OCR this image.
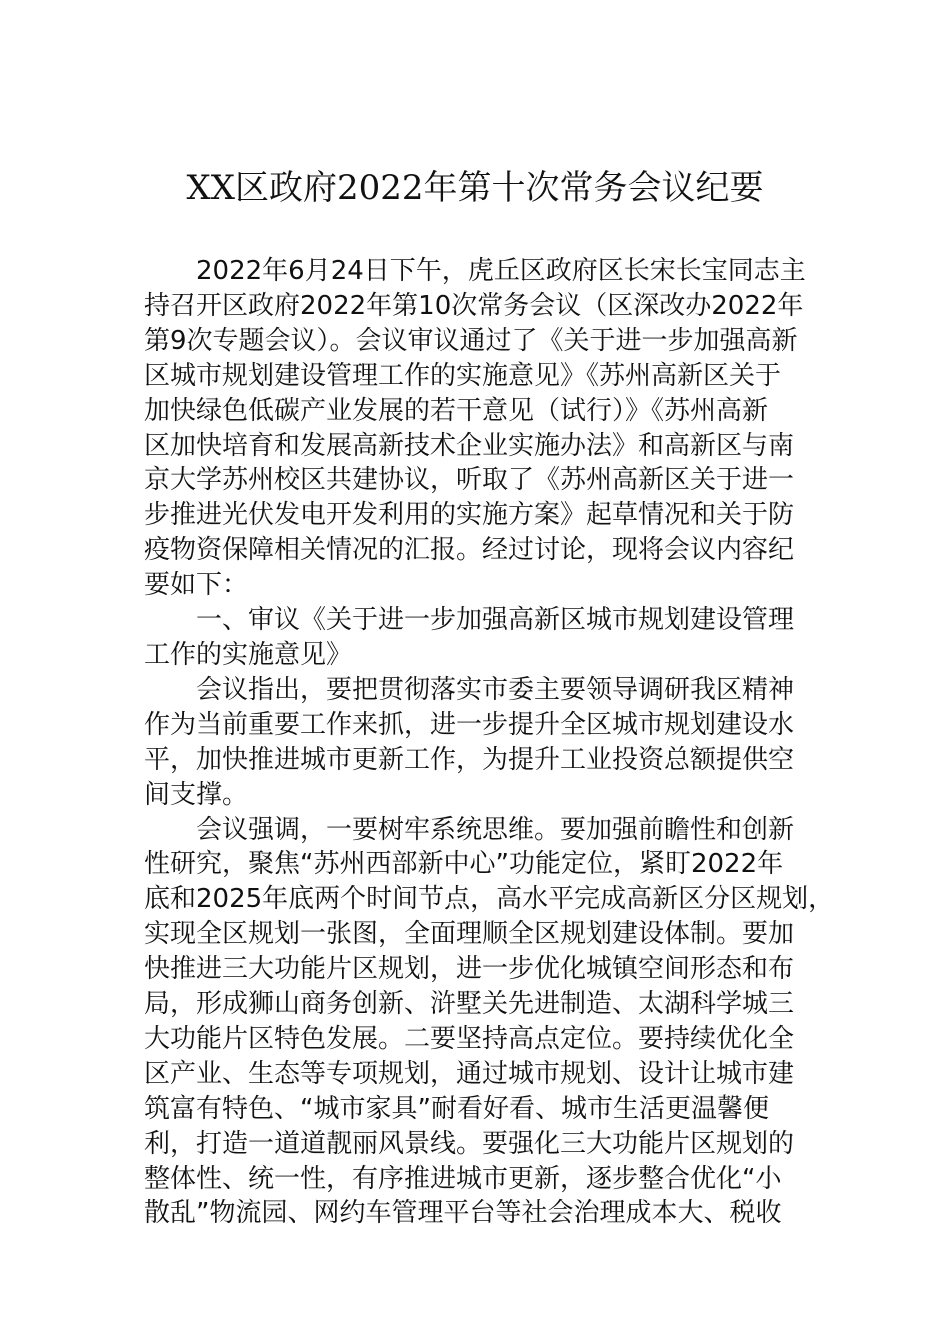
XX区政府2022年第十次常务会议纪要

2022年6月24日下午，虎丘区政府区长宋长宝同志主
持召开区政府2022年第10次常务会议（区深改办2022年
第9次专题会议）。会议审议通过了《关于进一步加强高新
区城市规划建设管理工作的实施意见》《苏州高新区关于
加快绿色低碳产业发展的若干意见（试行）》《苏州高新
区加快培育和发展高新技术企业实施办法》和高新区与南
京大学苏州校区共建协议，听取了《苏州高新区关于进一
步推进光伏发电开发利用的实施方案》起草情况和关于防
疫物资保障相关情况的汇报。经过讨论，现将会议内容纪
要如下：

一、审议《关于进一步加强高新区城市规划建设管理
工作的实施意见》

会议指出，要把贯彻落实市委主要领导调研我区精神
作为当前重要工作来抓，进一步提升全区城市规划建设水
平，加快推进城市更新工作，为提升工业投资总额提供空
间支撑。

会议强调，一要树牢系统思维。要加强前瞻性和创新
性研究，聚焦“苏州西部新中心”功能定位，紧盯2022年
底和2025年底两个时间节点，高水平完成高新区分区规划，
实现全区规划一张图，全面理顺全区规划建设体制。要加
快推进三大功能片区规划，进一步优化城镇空间形态和布
局，形成狮山商务创新、浒墅关先进制造、太湖科学城三
大功能片区特色发展。二要坚持高点定位。要持续优化全
区产业、生态等专项规划，通过城市规划、设计让城市建
筑富有特色、“城市家具”耐看好看、城市生活更温馨便
利，打造一道道靓丽风景线。要强化三大功能片区规划的
整体性、统一性，有序推进城市更新，逐步整合优化“小
散乱”物流园、网约车管理平台等社会治理成本大、税收
